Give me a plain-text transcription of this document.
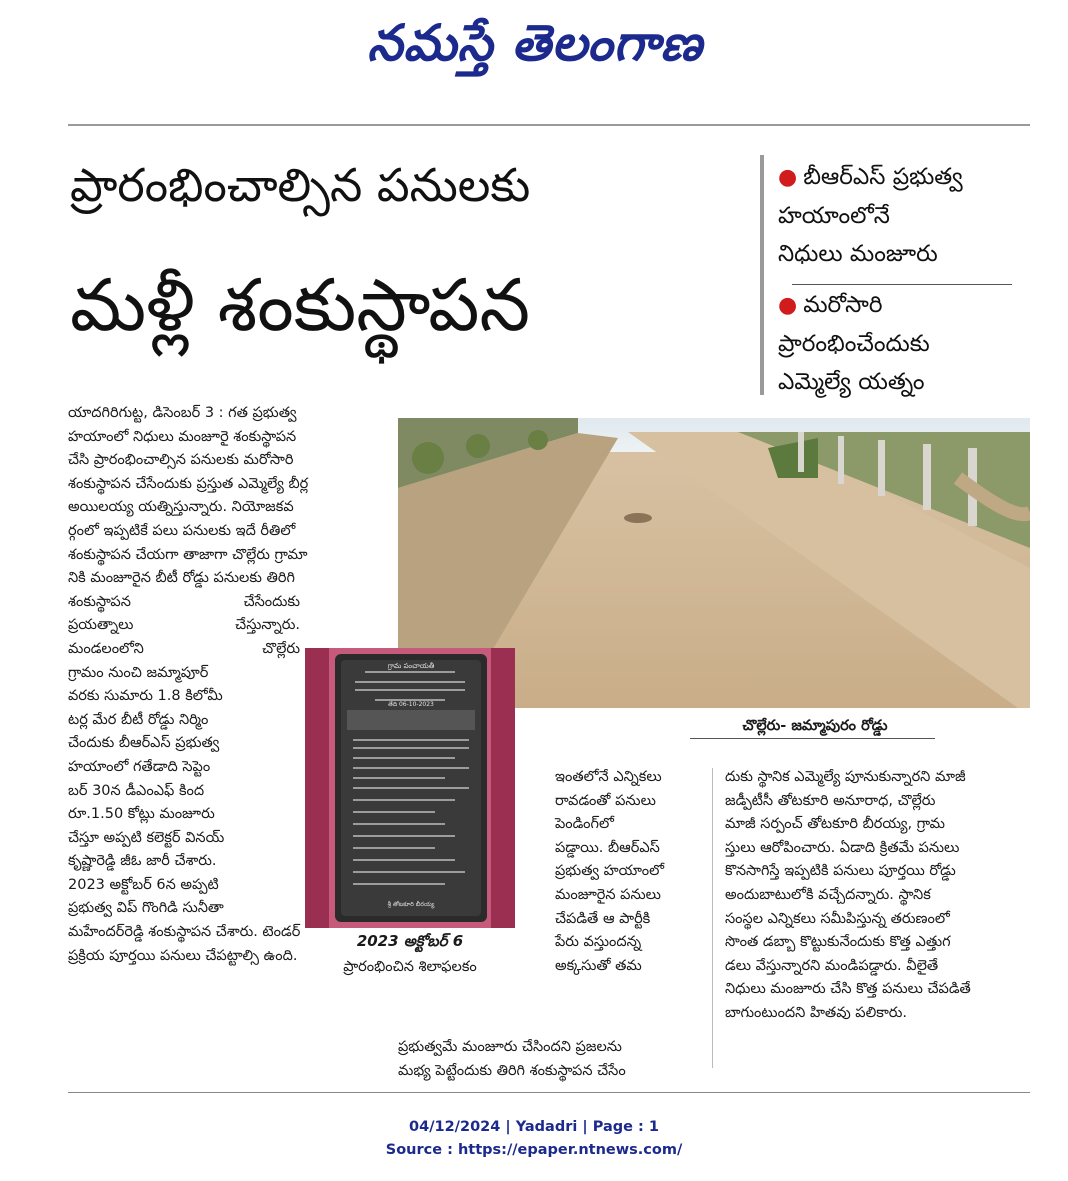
నమస్తే తెలంగాణ
ప్రారంభించాల్సిన పనులకు
మళ్లీ శంకుస్థాపన
● బీఆర్ఎస్ ప్రభుత్వ
హయాంలోనే
నిధులు మంజూరు
● మరోసారి
ప్రారంభించేందుకు
ఎమ్మెల్యే యత్నం
చొల్లేరు- జమ్మాపురం రోడ్డు
గ్రామ పంచాయతీ
తేది 06-10-2023
శ్రీ తోటకూరి బీరయ్య
2023 అక్టోబర్ 6
ప్రారంభించిన శిలాఫలకం

యాదగిరిగుట్ట, డిసెంబర్ 3 : గత ప్రభుత్వ

హయాంలో నిధులు మంజూరై శంకుస్థాపన

చేసి ప్రారంభించాల్సిన పనులకు మరోసారి

శంకుస్థాపన చేసేందుకు ప్రస్తుత ఎమ్మెల్యే బీర్ల

అయిలయ్య యత్నిస్తున్నారు. నియోజకవ

ర్గంలో ఇప్పటికే పలు పనులకు ఇదే రీతిలో

శంకుస్థాపన చేయగా తాజాగా చొల్లేరు గ్రామా

నికి మంజూరైన బీటీ రోడ్డు పనులకు తిరిగి

శంకుస్థాపన	చేసేందుకు

ప్రయత్నాలు	చేస్తున్నారు.

మండలంలోని	చొల్లేరు

గ్రామం నుంచి జమ్మాపూర్

వరకు సుమారు 1.8 కిలోమీ

టర్ల మేర బీటీ రోడ్డు నిర్మిం

చేందుకు బీఆర్ఎస్ ప్రభుత్వ

హయాంలో గతేడాది సెప్టెం

బర్ 30న డీఎంఎఫ్ కింద

రూ.1.50 కోట్లు మంజూరు

చేస్తూ అప్పటి కలెక్టర్ వినయ్

కృష్ణారెడ్డి జీఓ జారీ చేశారు.

2023 అక్టోబర్ 6న అప్పటి

ప్రభుత్వ విప్ గొంగిడి సునీతా

మహేందర్‌రెడ్డి శంకుస్థాపన చేశారు. టెండర్

ప్రక్రియ పూర్తయి పనులు చేపట్టాల్సి ఉంది.

ఇంతలోనే ఎన్నికలు

రావడంతో పనులు

పెండింగ్‌లో

పడ్డాయి. బీఆర్ఎస్

ప్రభుత్వ హయాంలో

మంజూరైన పనులు

చేపడితే ఆ పార్టీకి

పేరు వస్తుందన్న

అక్కసుతో తమ

ప్రభుత్వమే మంజూరు చేసిందని ప్రజలను

మభ్య పెట్టేందుకు తిరిగి శంకుస్థాపన చేసేం

దుకు స్థానిక ఎమ్మెల్యే పూనుకున్నారని మాజీ

జడ్పీటీసీ తోటకూరి అనూరాధ, చొల్లేరు

మాజీ సర్పంచ్ తోటకూరి బీరయ్య, గ్రామ

స్తులు ఆరోపించారు. ఏడాది క్రితమే పనులు

కొనసాగిస్తే ఇప్పటికి పనులు పూర్తయి రోడ్డు

అందుబాటులోకి వచ్చేదన్నారు. స్థానిక

సంస్థల ఎన్నికలు సమీపిస్తున్న తరుణంలో

సొంత డబ్బా కొట్టుకునేందుకు కొత్త ఎత్తుగ

డలు వేస్తున్నారని మండిపడ్డారు. వీలైతే

నిధులు మంజూరు చేసి కొత్త పనులు చేపడితే

బాగుంటుందని హితవు పలికారు.

04/12/2024 | Yadadri | Page : 1
Source : https://epaper.ntnews.com/
